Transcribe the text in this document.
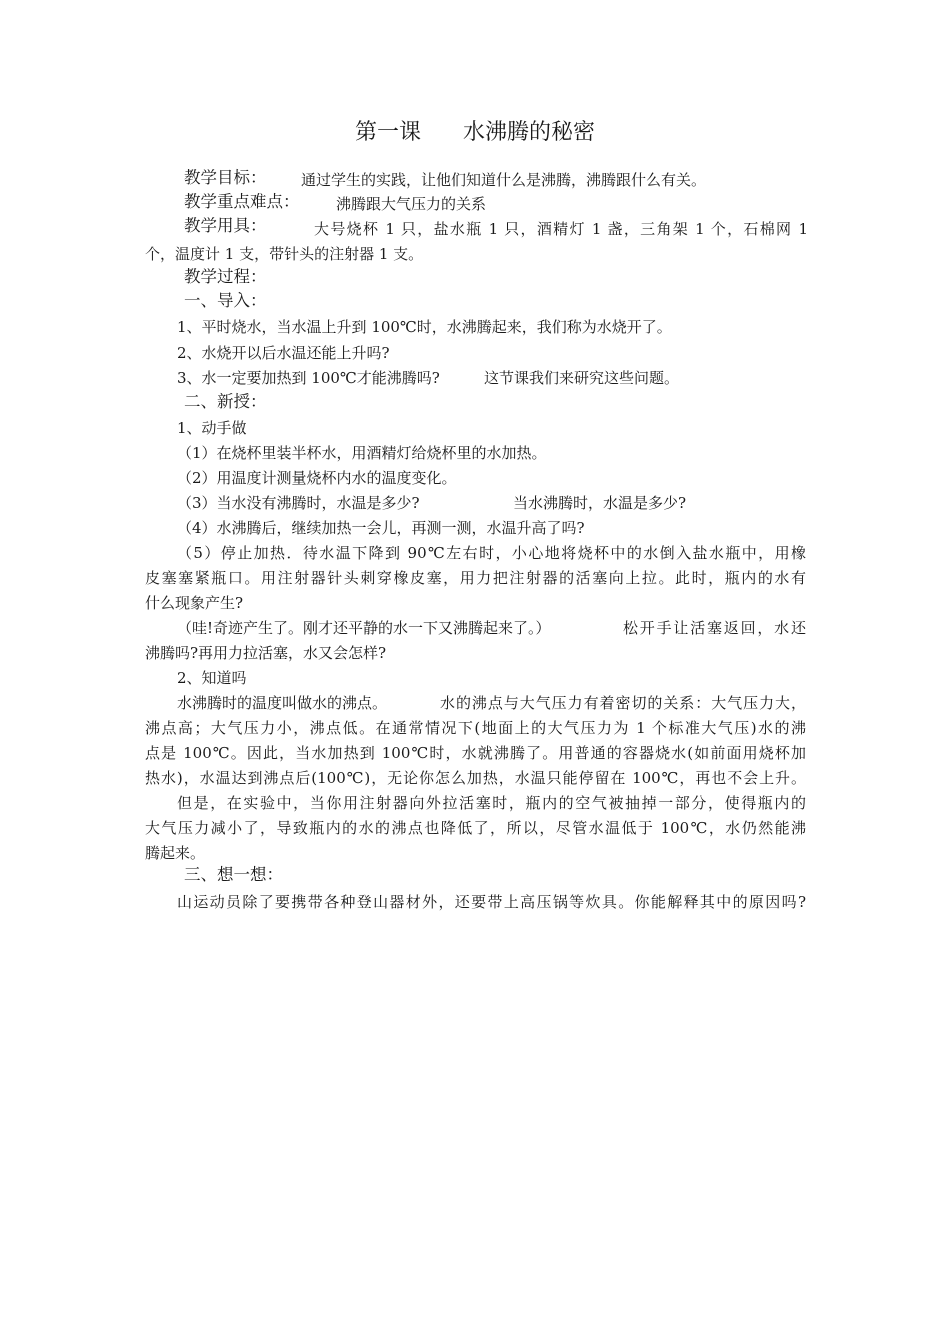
第一课      水沸腾的秘密
教学目标： 通过学生的实践，让他们知道什么是沸腾，沸腾跟什么有关。
教学重点难点： 沸腾跟大气压力的关系
教学用具：	大号烧杯 1 只，盐水瓶 1 只，酒精灯 1 盏，三角架 1 个，石棉网 1
个，温度计 1 支，带针头的注射器 1 支。
教学过程：
一、导入：
1、平时烧水，当水温上升到 100℃时，水沸腾起来，我们称为水烧开了。
2、水烧开以后水温还能上升吗?
3、水一定要加热到 100℃才能沸腾吗?	这节课我们来研究这些问题。
二、新授：
1、动手做
（1）在烧杯里装半杯水，用酒精灯给烧杯里的水加热。
（2）用温度计测量烧杯内水的温度变化。
（3）当水没有沸腾时，水温是多少?	当水沸腾时，水温是多少?
（4）水沸腾后，继续加热一会儿，再测一测，水温升高了吗?
（5）停止加热．待水温下降到 90℃左右时，小心地将烧杯中的水倒入盐水瓶中，用橡
皮塞塞紧瓶口。用注射器针头刺穿橡皮塞，用力把注射器的活塞向上拉。此时，瓶内的水有
什么现象产生?
（哇!奇迹产生了。刚才还平静的水一下又沸腾起来了。）	松开手让活塞返回，水还
沸腾吗?再用力拉活塞，水又会怎样?
2、知道吗
水沸腾时的温度叫做水的沸点。	水的沸点与大气压力有着密切的关系：大气压力大，
沸点高；大气压力小，沸点低。在通常情况下(地面上的大气压力为 1 个标准大气压)水的沸
点是 100℃。因此，当水加热到 100℃时，水就沸腾了。用普通的容器烧水(如前面用烧杯加
热水)，水温达到沸点后(100℃)，无论你怎么加热，水温只能停留在 100℃，再也不会上升。
但是，在实验中，当你用注射器向外拉活塞时，瓶内的空气被抽掉一部分，使得瓶内的
大气压力减小了，导致瓶内的水的沸点也降低了，所以，尽管水温低于 100℃，水仍然能沸
腾起来。
三、想一想：
山运动员除了要携带各种登山器材外，还要带上高压锅等炊具。你能解释其中的原因吗?
